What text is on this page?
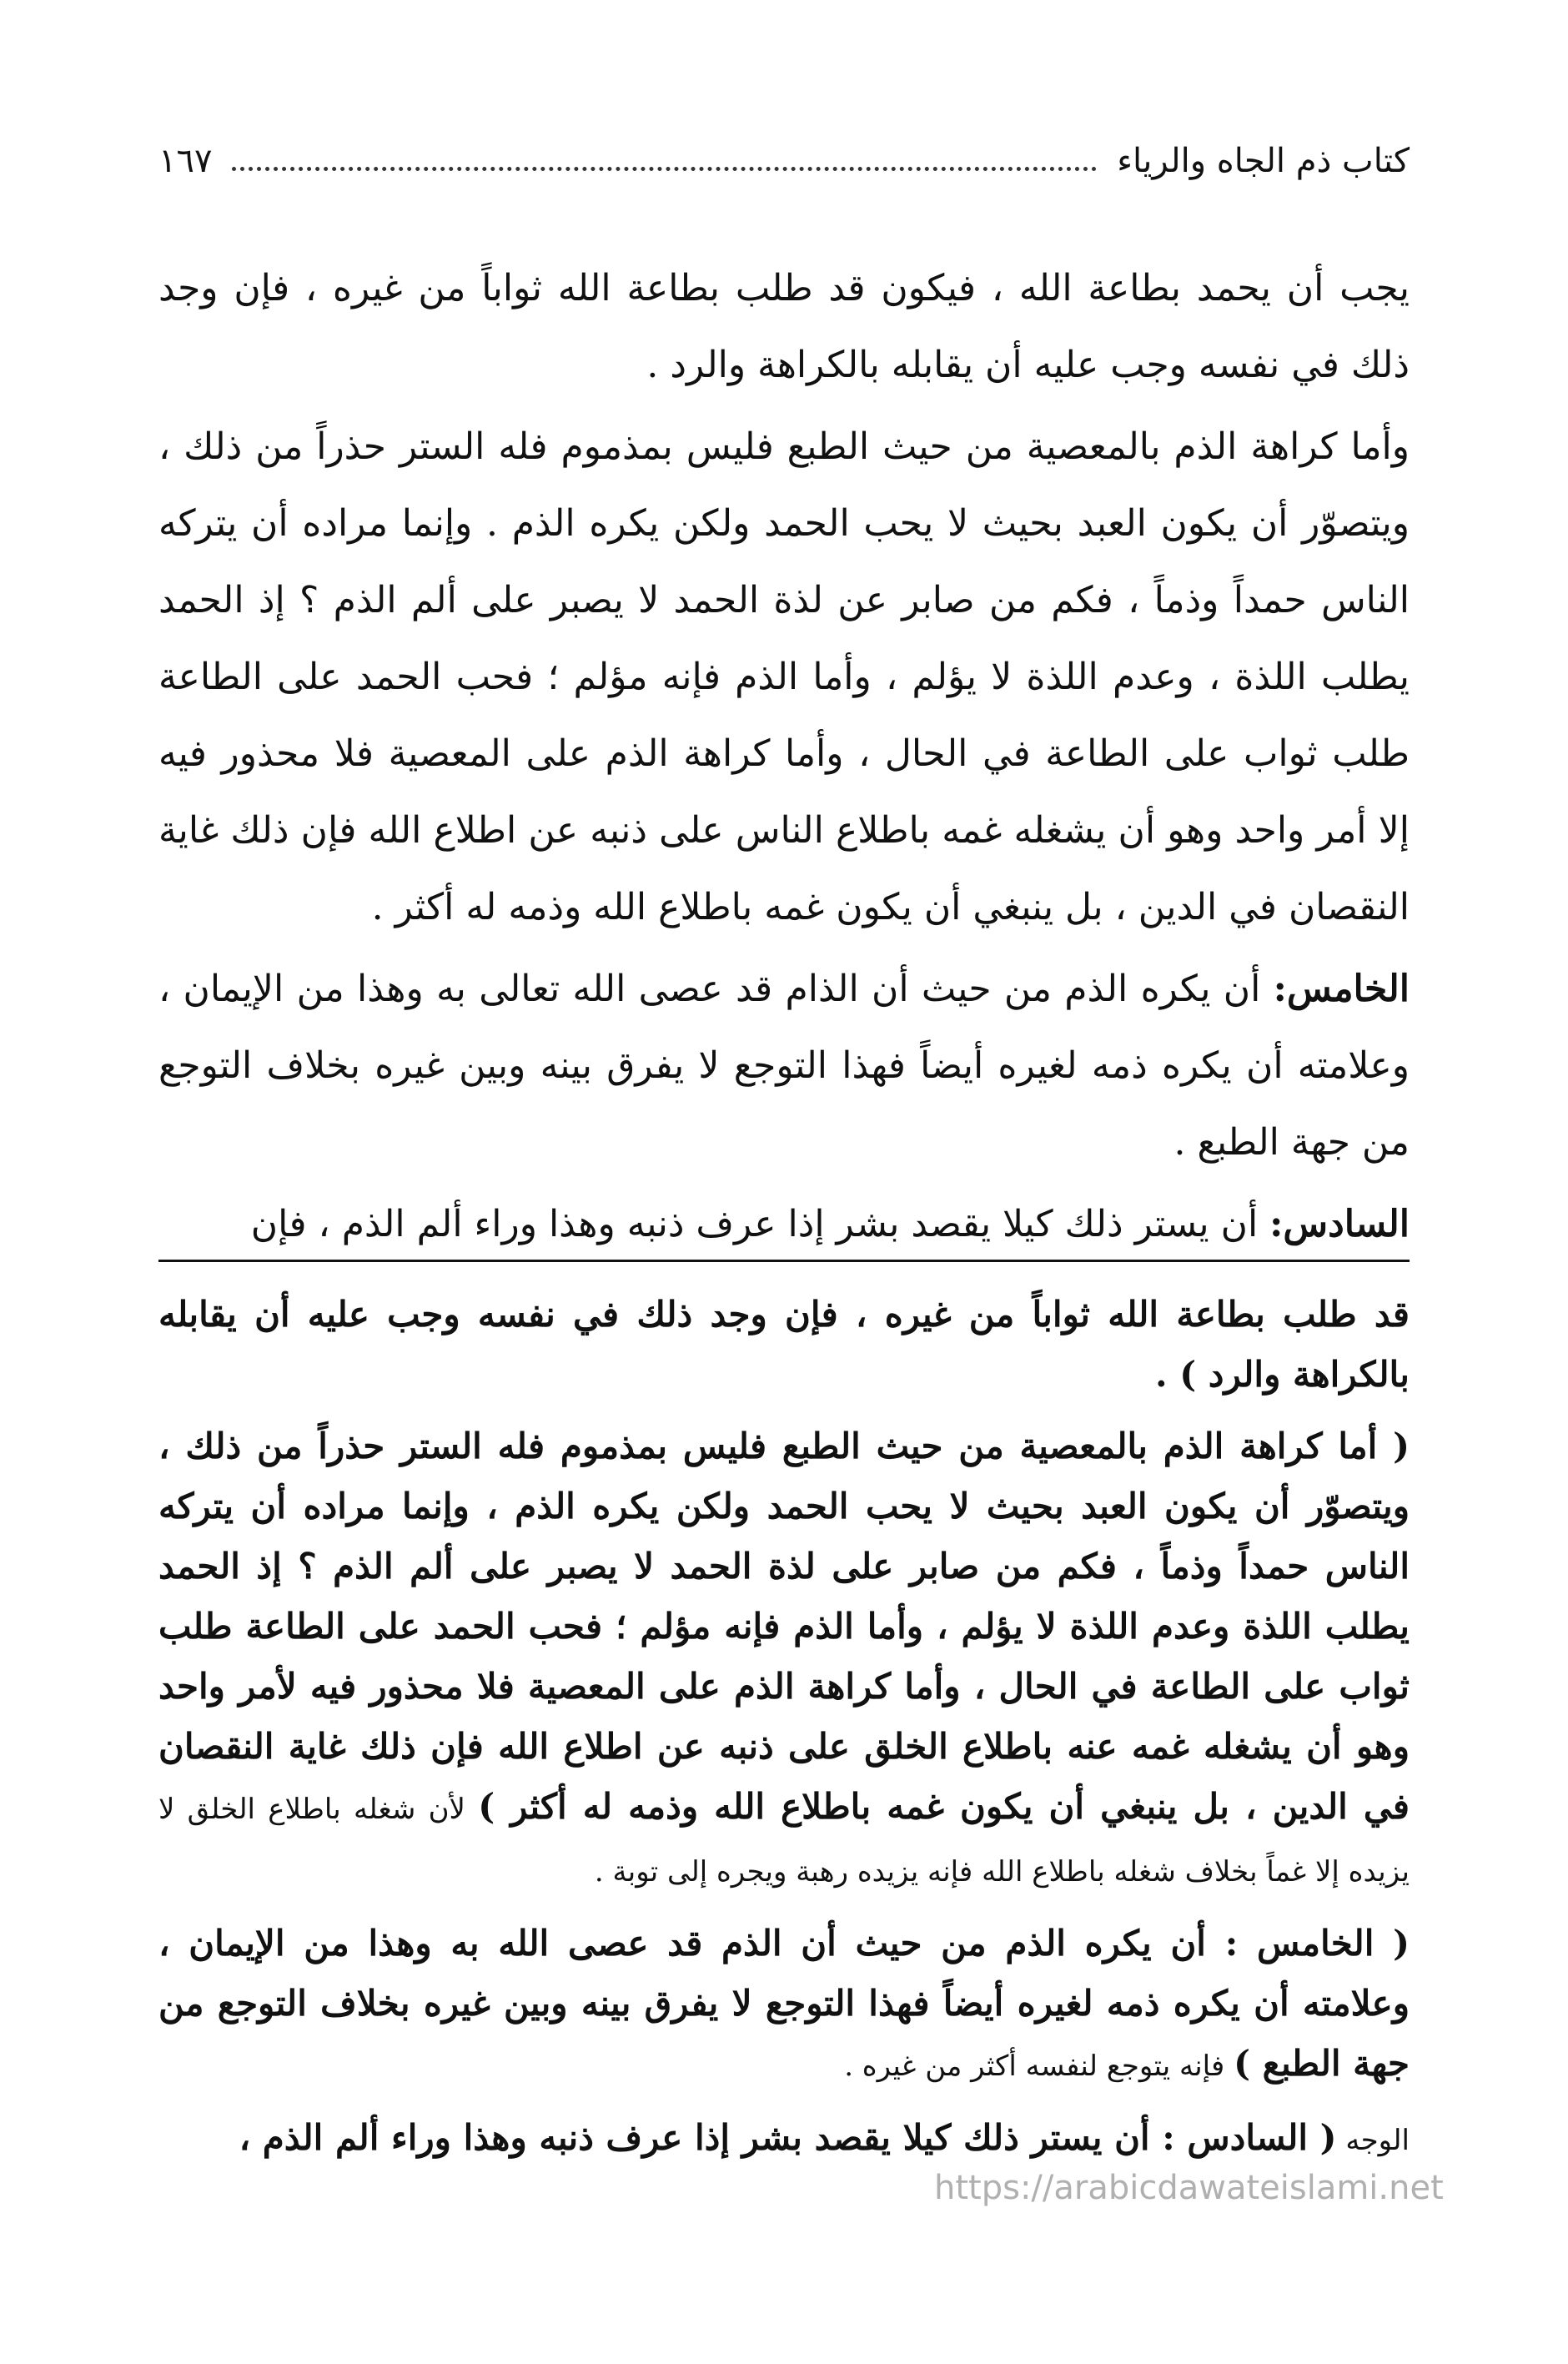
كتاب ذم الجاه والرياء
١٦٧

يجب أن يحمد بطاعة الله ، فيكون قد طلب بطاعة الله ثواباً من غيره ، فإن وجد ذلك في نفسه وجب عليه أن يقابله بالكراهة والرد .

وأما كراهة الذم بالمعصية من حيث الطبع فليس بمذموم فله الستر حذراً من ذلك ، ويتصوّر أن يكون العبد بحيث لا يحب الحمد ولكن يكره الذم . وإنما مراده أن يتركه الناس حمداً وذماً ، فكم من صابر عن لذة الحمد لا يصبر على ألم الذم ؟ إذ الحمد يطلب اللذة ، وعدم اللذة لا يؤلم ، وأما الذم فإنه مؤلم ؛ فحب الحمد على الطاعة طلب ثواب على الطاعة في الحال ، وأما كراهة الذم على المعصية فلا محذور فيه إلا أمر واحد وهو أن يشغله غمه باطلاع الناس على ذنبه عن اطلاع الله فإن ذلك غاية النقصان في الدين ، بل ينبغي أن يكون غمه باطلاع الله وذمه له أكثر .

الخامس: أن يكره الذم من حيث أن الذام قد عصى الله تعالى به وهذا من الإيمان ، وعلامته أن يكره ذمه لغيره أيضاً فهذا التوجع لا يفرق بينه وبين غيره بخلاف التوجع من جهة الطبع .

السادس: أن يستر ذلك كيلا يقصد بشر إذا عرف ذنبه وهذا وراء ألم الذم ، فإن

قد طلب بطاعة الله ثواباً من غيره ، فإن وجد ذلك في نفسه وجب عليه أن يقابله بالكراهة والرد ) .

( أما كراهة الذم بالمعصية من حيث الطبع فليس بمذموم فله الستر حذراً من ذلك ، ويتصوّر أن يكون العبد بحيث لا يحب الحمد ولكن يكره الذم ، وإنما مراده أن يتركه الناس حمداً وذماً ، فكم من صابر على لذة الحمد لا يصبر على ألم الذم ؟ إذ الحمد يطلب اللذة وعدم اللذة لا يؤلم ، وأما الذم فإنه مؤلم ؛ فحب الحمد على الطاعة طلب ثواب على الطاعة في الحال ، وأما كراهة الذم على المعصية فلا محذور فيه لأمر واحد وهو أن يشغله غمه عنه باطلاع الخلق على ذنبه عن اطلاع الله فإن ذلك غاية النقصان في الدين ، بل ينبغي أن يكون غمه باطلاع الله وذمه له أكثر ) لأن شغله باطلاع الخلق لا يزيده إلا غماً بخلاف شغله باطلاع الله فإنه يزيده رهبة ويجره إلى توبة .

( الخامس : أن يكره الذم من حيث أن الذم قد عصى الله به وهذا من الإيمان ، وعلامته أن يكره ذمه لغيره أيضاً فهذا التوجع لا يفرق بينه وبين غيره بخلاف التوجع من جهة الطبع ) فإنه يتوجع لنفسه أكثر من غيره .

الوجه ( السادس : أن يستر ذلك كيلا يقصد بشر إذا عرف ذنبه وهذا وراء ألم الذم ،

https://arabicdawateislami.net
